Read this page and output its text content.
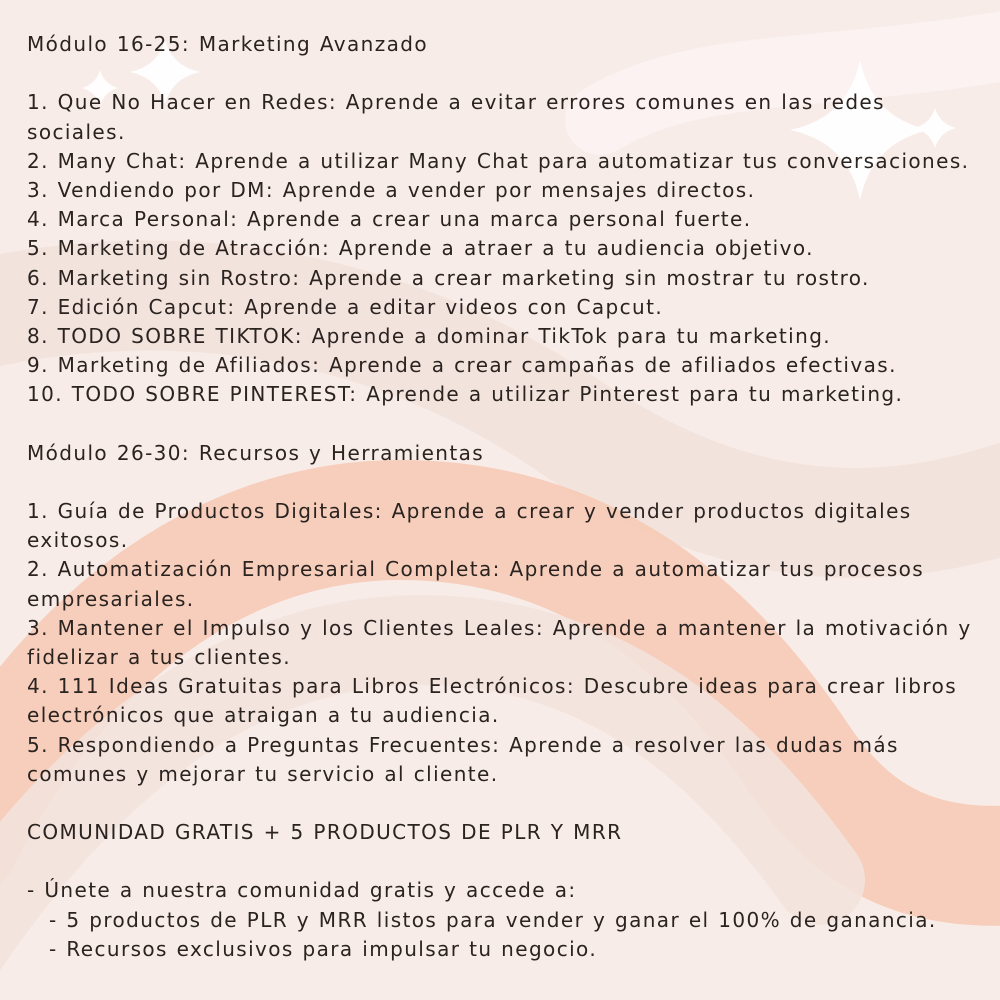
Módulo 16-25: Marketing Avanzado
1. Que No Hacer en Redes: Aprende a evitar errores comunes en las redes
sociales.
2. Many Chat: Aprende a utilizar Many Chat para automatizar tus conversaciones.
3. Vendiendo por DM: Aprende a vender por mensajes directos.
4. Marca Personal: Aprende a crear una marca personal fuerte.
5. Marketing de Atracción: Aprende a atraer a tu audiencia objetivo.
6. Marketing sin Rostro: Aprende a crear marketing sin mostrar tu rostro.
7. Edición Capcut: Aprende a editar videos con Capcut.
8. TODO SOBRE TIKTOK: Aprende a dominar TikTok para tu marketing.
9. Marketing de Afiliados: Aprende a crear campañas de afiliados efectivas.
10. TODO SOBRE PINTEREST: Aprende a utilizar Pinterest para tu marketing.
Módulo 26-30: Recursos y Herramientas
1. Guía de Productos Digitales: Aprende a crear y vender productos digitales
exitosos.
2. Automatización Empresarial Completa: Aprende a automatizar tus procesos
empresariales.
3. Mantener el Impulso y los Clientes Leales: Aprende a mantener la motivación y
fidelizar a tus clientes.
4. 111 Ideas Gratuitas para Libros Electrónicos: Descubre ideas para crear libros
electrónicos que atraigan a tu audiencia.
5. Respondiendo a Preguntas Frecuentes: Aprende a resolver las dudas más
comunes y mejorar tu servicio al cliente.
COMUNIDAD GRATIS + 5 PRODUCTOS DE PLR Y MRR
- Únete a nuestra comunidad gratis y accede a:
- 5 productos de PLR y MRR listos para vender y ganar el 100% de ganancia.
- Recursos exclusivos para impulsar tu negocio.
